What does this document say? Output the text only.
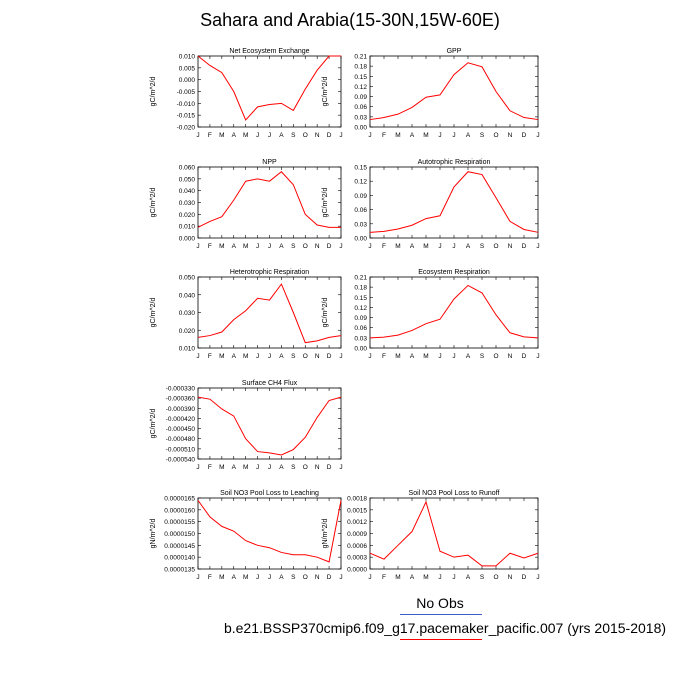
Sahara and Arabia(15-30N,15W-60E)
Net Ecosystem Exchange
gC/m^2/d
0.010
0.005
0.000
-0.005
-0.010
-0.015
-0.020
J F M A M J J A S O N D J
GPP
gC/m^2/d
0.21
0.18
0.15
0.12
0.09
0.06
0.03
0.00
J F M A M J J A S O N D J
NPP
gC/m^2/d
0.060
0.050
0.040
0.030
0.020
0.010
0.000
J F M A M J J A S O N D J
Autotrophic Respiration
gC/m^2/d
0.15
0.12
0.09
0.06
0.03
0.00
J F M A M J J A S O N D J
Heterotrophic Respiration
gC/m^2/d
0.050
0.040
0.030
0.020
0.010
J F M A M J J A S O N D J
Ecosystem Respiration
gC/m^2/d
0.21
0.18
0.15
0.12
0.09
0.06
0.03
0.00
J F M A M J J A S O N D J
Surface CH4 Flux
gC/m^2/d
-0.000330
-0.000360
-0.000390
-0.000420
-0.000450
-0.000480
-0.000510
-0.000540
J F M A M J J A S O N D J
Soil NO3 Pool Loss to Leaching
gN/m^2/d
0.0000165
0.0000160
0.0000155
0.0000150
0.0000145
0.0000140
0.0000135
J F M A M J J A S O N D J
Soil NO3 Pool Loss to Runoff
gN/m^2/d
0.0018
0.0015
0.0012
0.0009
0.0006
0.0003
0.0000
J F M A M J J A S O N D J
No Obs
b.e21.BSSP370cmip6.f09_g17.pacemaker_pacific.007 (yrs 2015-2018)
